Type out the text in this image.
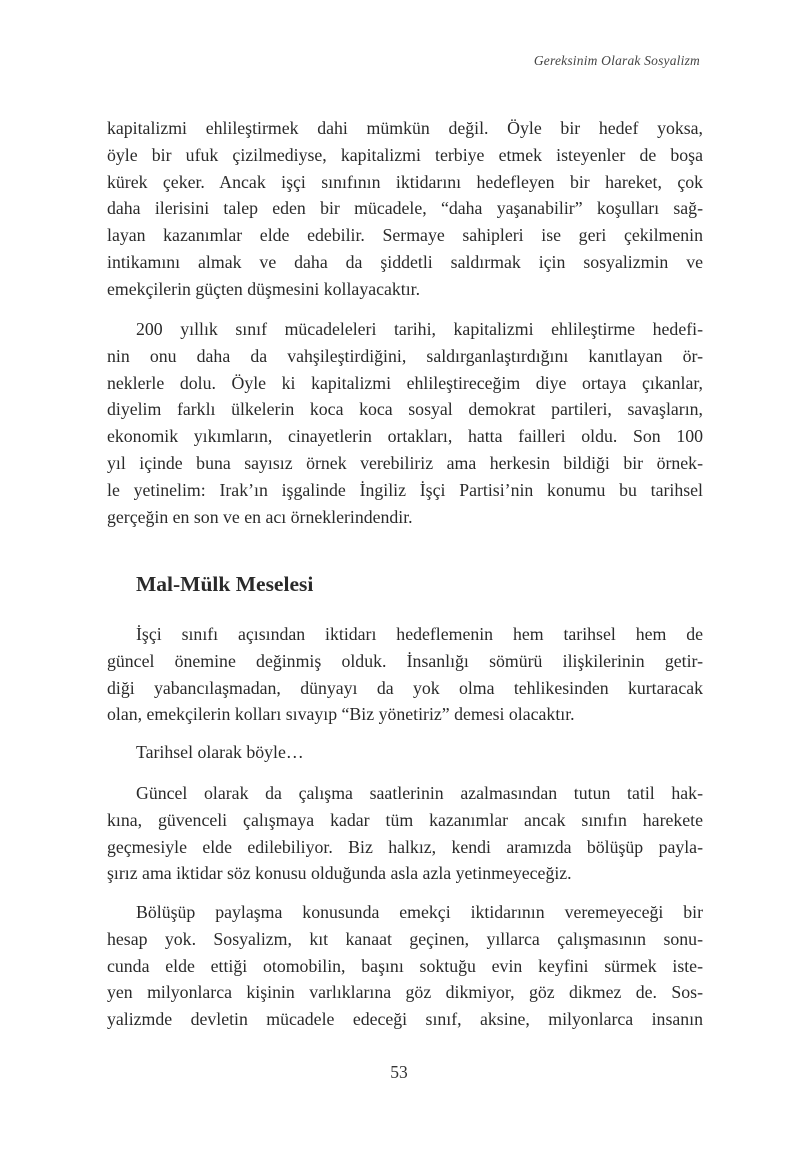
Gereksinim Olarak Sosyalizm
kapitalizmi ehlileştirmek dahi mümkün değil. Öyle bir hedef yoksa,
öyle bir ufuk çizilmediyse, kapitalizmi terbiye etmek isteyenler de boşa
kürek çeker. Ancak işçi sınıfının iktidarını hedefleyen bir hareket, çok
daha ilerisini talep eden bir mücadele, “daha yaşanabilir” koşulları sağ-
layan kazanımlar elde edebilir. Sermaye sahipleri ise geri çekilmenin
intikamını almak ve daha da şiddetli saldırmak için sosyalizmin ve
emekçilerin güçten düşmesini kollayacaktır.
200 yıllık sınıf mücadeleleri tarihi, kapitalizmi ehlileştirme hedefi-
nin onu daha da vahşileştirdiğini, saldırganlaştırdığını kanıtlayan ör-
neklerle dolu. Öyle ki kapitalizmi ehlileştireceğim diye ortaya çıkanlar,
diyelim farklı ülkelerin koca koca sosyal demokrat partileri, savaşların,
ekonomik yıkımların, cinayetlerin ortakları, hatta failleri oldu. Son 100
yıl içinde buna sayısız örnek verebiliriz ama herkesin bildiği bir örnek-
le yetinelim: Irak’ın işgalinde İngiliz İşçi Partisi’nin konumu bu tarihsel
gerçeğin en son ve en acı örneklerindendir.
Mal-Mülk Meselesi
İşçi sınıfı açısından iktidarı hedeflemenin hem tarihsel hem de
güncel önemine değinmiş olduk. İnsanlığı sömürü ilişkilerinin getir-
diği yabancılaşmadan, dünyayı da yok olma tehlikesinden kurtaracak
olan, emekçilerin kolları sıvayıp “Biz yönetiriz” demesi olacaktır.
Tarihsel olarak böyle…
Güncel olarak da çalışma saatlerinin azalmasından tutun tatil hak-
kına, güvenceli çalışmaya kadar tüm kazanımlar ancak sınıfın harekete
geçmesiyle elde edilebiliyor. Biz halkız, kendi aramızda bölüşüp payla-
şırız ama iktidar söz konusu olduğunda asla azla yetinmeyeceğiz.
Bölüşüp paylaşma konusunda emekçi iktidarının veremeyeceği bir
hesap yok. Sosyalizm, kıt kanaat geçinen, yıllarca çalışmasının sonu-
cunda elde ettiği otomobilin, başını soktuğu evin keyfini sürmek iste-
yen milyonlarca kişinin varlıklarına göz dikmiyor, göz dikmez de. Sos-
yalizmde devletin mücadele edeceği sınıf, aksine, milyonlarca insanın
53
